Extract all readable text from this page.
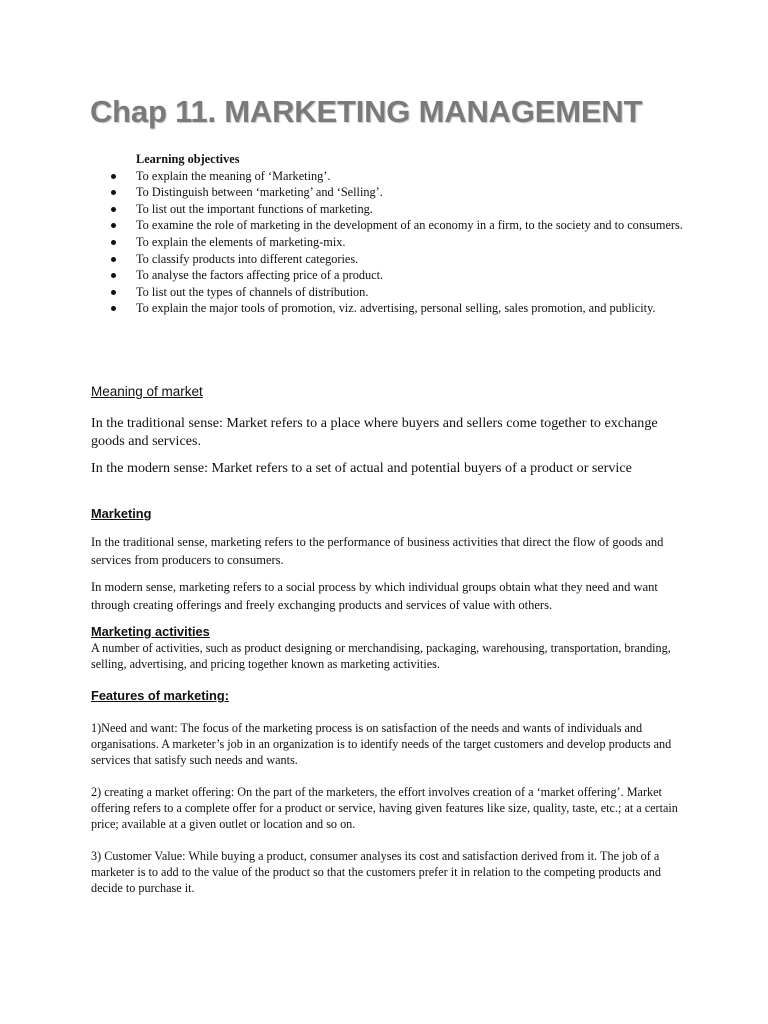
Chap 11. MARKETING MANAGEMENT
Learning objectives
To explain the meaning of ‘Marketing’.
To Distinguish between ‘marketing’ and ‘Selling’.
To list out the important functions of marketing.
To examine the role of marketing in the development of an economy in a firm, to the society and to consumers.
To explain the elements of marketing-mix.
To classify products into different categories.
To analyse the factors affecting price of a product.
To list out the types of channels of distribution.
To explain the major tools of promotion, viz. advertising, personal selling, sales promotion, and publicity.
Meaning of market
In the traditional sense: Market refers to a place where buyers and sellers come together to exchange goods and services.
In the modern sense: Market refers to a set of actual and potential buyers of a product or service
Marketing
In the traditional sense, marketing refers to the performance of business activities that direct the flow of goods and services from producers to consumers.
In modern sense, marketing refers to a social process by which individual groups obtain what they need and want through creating offerings and freely exchanging products and services of value with others.
Marketing activities
A number of activities, such as product designing or merchandising, packaging, warehousing, transportation, branding, selling, advertising, and pricing together known as marketing activities.
Features of marketing:
1)Need and want: The focus of the marketing process is on satisfaction of the needs and wants of individuals and organisations. A marketer’s job in an organization is to identify needs of the target customers and develop products and services that satisfy such needs and wants.
2) creating a market offering: On the part of the marketers, the effort involves creation of a ‘market offering’. Market offering refers to a complete offer for a product or service, having given features like size, quality, taste, etc.; at a certain price; available at a given outlet or location and so on.
3) Customer Value: While buying a product, consumer analyses its cost and satisfaction derived from it. The job of a marketer is to add to the value of the product so that the customers prefer it in relation to the competing products and decide to purchase it.
